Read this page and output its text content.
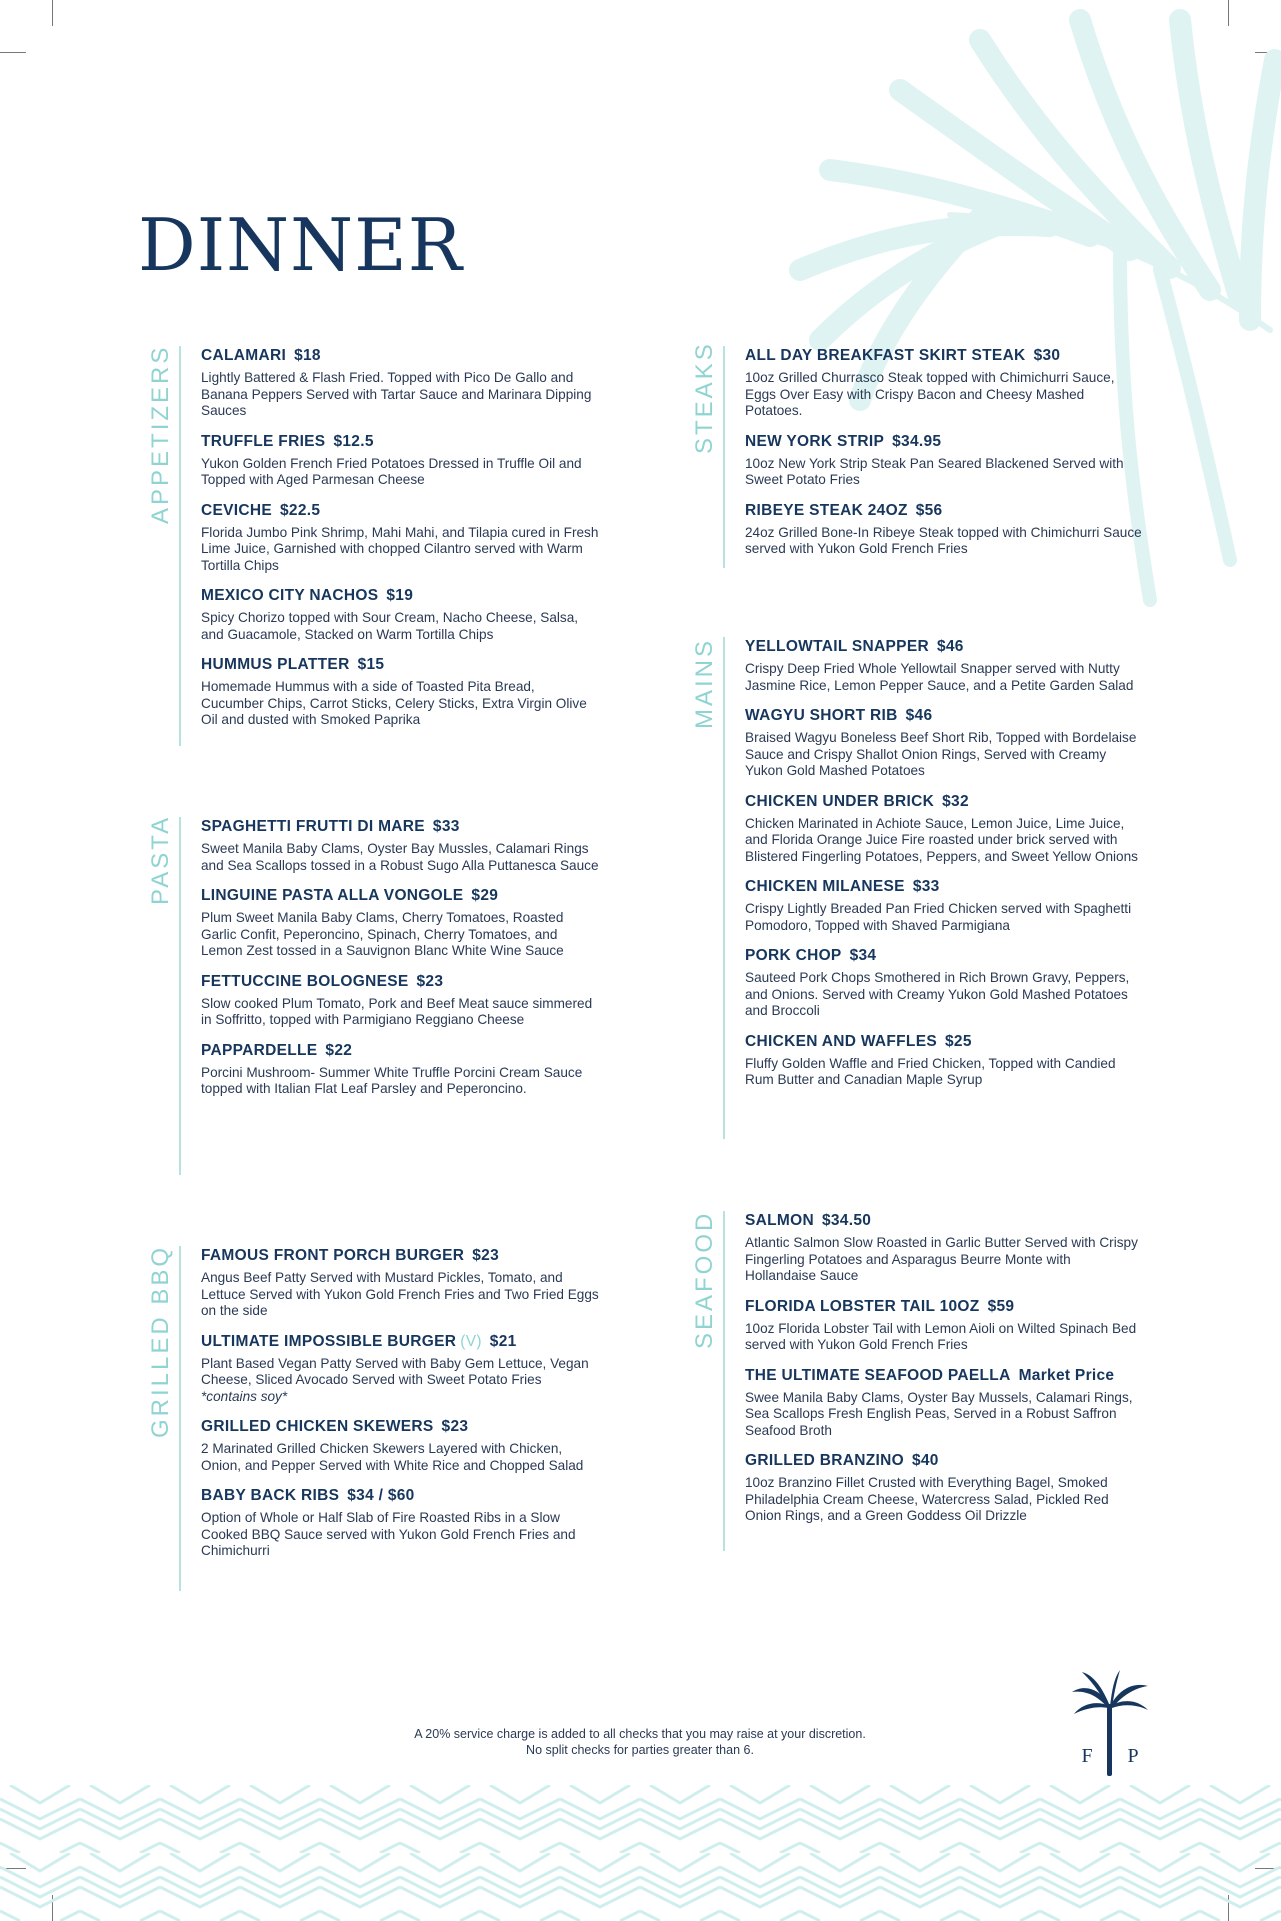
DINNER
APPETIZERS CALAMARI $18
Lightly Battered & Flash Fried. Topped with Pico De Gallo and Banana Peppers Served with Tartar Sauce and Marinara Dipping Sauces
TRUFFLE FRIES $12.5
Yukon Golden French Fried Potatoes Dressed in Truffle Oil and Topped with Aged Parmesan Cheese
CEVICHE $22.5
Florida Jumbo Pink Shrimp, Mahi Mahi, and Tilapia cured in Fresh Lime Juice, Garnished with chopped Cilantro served with Warm Tortilla Chips
MEXICO CITY NACHOS $19
Spicy Chorizo topped with Sour Cream, Nacho Cheese, Salsa, and Guacamole, Stacked on Warm Tortilla Chips
HUMMUS PLATTER $15
Homemade Hummus with a side of Toasted Pita Bread, Cucumber Chips, Carrot Sticks, Celery Sticks, Extra Virgin Olive Oil and dusted with Smoked Paprika
PASTA SPAGHETTI FRUTTI DI MARE $33
Sweet Manila Baby Clams, Oyster Bay Mussles, Calamari Rings and Sea Scallops tossed in a Robust Sugo Alla Puttanesca Sauce
LINGUINE PASTA ALLA VONGOLE $29
Plum Sweet Manila Baby Clams, Cherry Tomatoes, Roasted Garlic Confit, Peperoncino, Spinach, Cherry Tomatoes, and Lemon Zest tossed in a Sauvignon Blanc White Wine Sauce
FETTUCCINE BOLOGNESE $23
Slow cooked Plum Tomato, Pork and Beef Meat sauce simmered in Soffritto, topped with Parmigiano Reggiano Cheese
PAPPARDELLE $22
Porcini Mushroom- Summer White Truffle Porcini Cream Sauce topped with Italian Flat Leaf Parsley and Peperoncino.
GRILLED BBQ FAMOUS FRONT PORCH BURGER $23
Angus Beef Patty Served with Mustard Pickles, Tomato, and Lettuce Served with Yukon Gold French Fries and Two Fried Eggs on the side
ULTIMATE IMPOSSIBLE BURGER (V) $21
Plant Based Vegan Patty Served with Baby Gem Lettuce, Vegan Cheese, Sliced Avocado Served with Sweet Potato Fries *contains soy*
GRILLED CHICKEN SKEWERS $23
2 Marinated Grilled Chicken Skewers Layered with Chicken, Onion, and Pepper Served with White Rice and Chopped Salad
BABY BACK RIBS $34 / $60
Option of Whole or Half Slab of Fire Roasted Ribs in a Slow Cooked BBQ Sauce served with Yukon Gold French Fries and Chimichurri
STEAKS ALL DAY BREAKFAST SKIRT STEAK $30
10oz Grilled Churrasco Steak topped with Chimichurri Sauce, Eggs Over Easy with Crispy Bacon and Cheesy Mashed Potatoes.
NEW YORK STRIP $34.95
10oz New York Strip Steak Pan Seared Blackened Served with Sweet Potato Fries
RIBEYE STEAK 24OZ $56
24oz Grilled Bone-In Ribeye Steak topped with Chimichurri Sauce served with Yukon Gold French Fries
MAINS YELLOWTAIL SNAPPER $46
Crispy Deep Fried Whole Yellowtail Snapper served with Nutty Jasmine Rice, Lemon Pepper Sauce, and a Petite Garden Salad
WAGYU SHORT RIB $46
Braised Wagyu Boneless Beef Short Rib, Topped with Bordelaise Sauce and Crispy Shallot Onion Rings, Served with Creamy Yukon Gold Mashed Potatoes
CHICKEN UNDER BRICK $32
Chicken Marinated in Achiote Sauce, Lemon Juice, Lime Juice, and Florida Orange Juice Fire roasted under brick served with Blistered Fingerling Potatoes, Peppers, and Sweet Yellow Onions
CHICKEN MILANESE $33
Crispy Lightly Breaded Pan Fried Chicken served with Spaghetti Pomodoro, Topped with Shaved Parmigiana
PORK CHOP $34
Sauteed Pork Chops Smothered in Rich Brown Gravy, Peppers, and Onions. Served with Creamy Yukon Gold Mashed Potatoes and Broccoli
CHICKEN AND WAFFLES $25
Fluffy Golden Waffle and Fried Chicken, Topped with Candied Rum Butter and Canadian Maple Syrup
SEAFOOD SALMON $34.50
Atlantic Salmon Slow Roasted in Garlic Butter Served with Crispy Fingerling Potatoes and Asparagus Beurre Monte with Hollandaise Sauce
FLORIDA LOBSTER TAIL 10OZ $59
10oz Florida Lobster Tail with Lemon Aioli on Wilted Spinach Bed served with Yukon Gold French Fries
THE ULTIMATE SEAFOOD PAELLA Market Price
Swee Manila Baby Clams, Oyster Bay Mussels, Calamari Rings, Sea Scallops Fresh English Peas, Served in a Robust Saffron Seafood Broth
GRILLED BRANZINO $40
10oz Branzino Fillet Crusted with Everything Bagel, Smoked Philadelphia Cream Cheese, Watercress Salad, Pickled Red Onion Rings, and a Green Goddess Oil Drizzle
A 20% service charge is added to all checks that you may raise at your discretion.
No split checks for parties greater than 6.	F P
